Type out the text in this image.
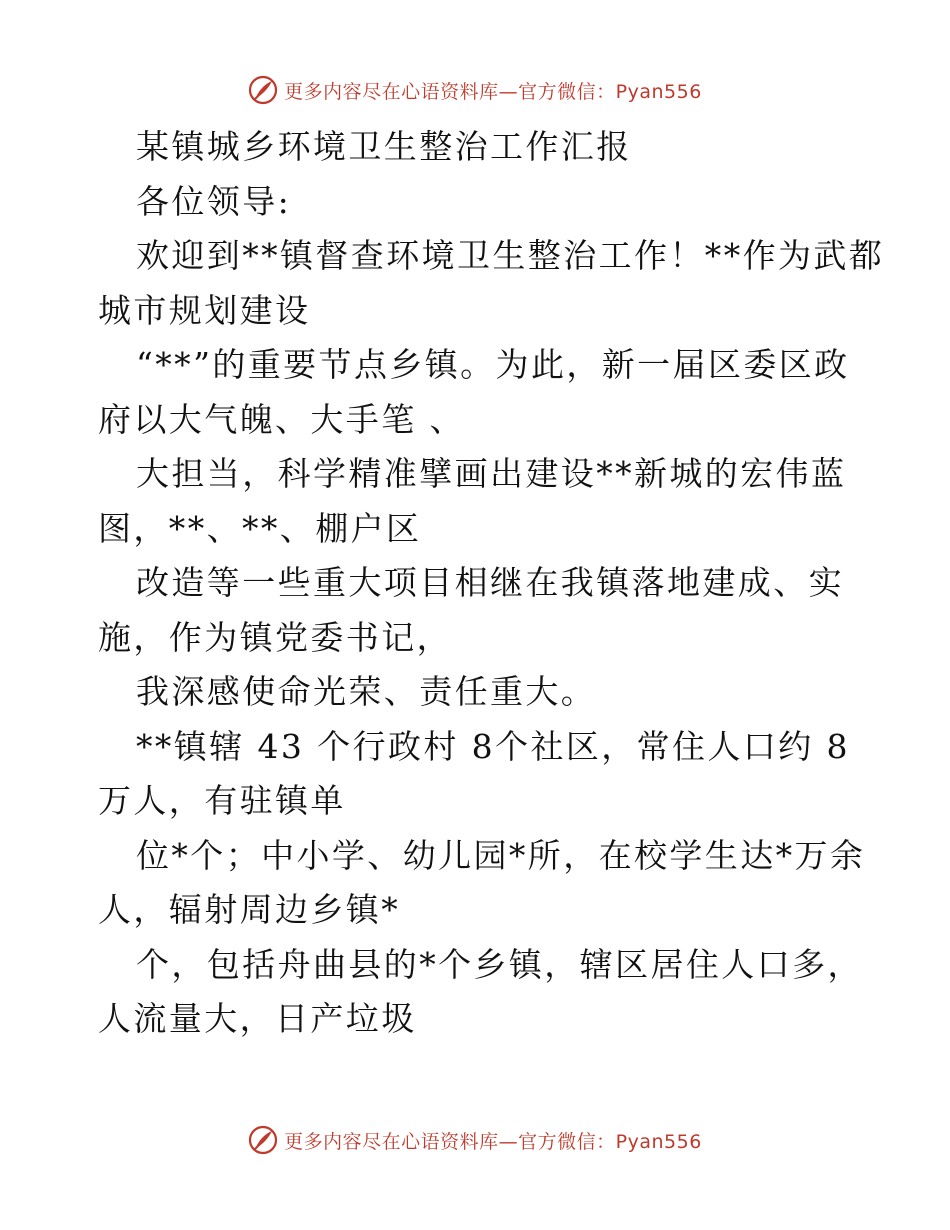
更多内容尽在心语资料库—官方微信：Pyan556
某镇城乡环境卫生整治工作汇报
各位领导:
欢迎到**镇督查环境卫生整治工作！**作为武都
城市规划建设
“**”的重要节点乡镇。为此，新一届区委区政
府以大气魄、大手笔 、
大担当，科学精准擘画出建设**新城的宏伟蓝
图，**、**、棚户区
改造等一些重大项目相继在我镇落地建成、实
施，作为镇党委书记，
我深感使命光荣、责任重大。
**镇辖 43 个行政村 8个社区，常住人口约 8
万人，有驻镇单
位*个；中小学、幼儿园*所，在校学生达*万余
人，辐射周边乡镇*
个，包括舟曲县的*个乡镇，辖区居住人口多，
人流量大，日产垃圾
更多内容尽在心语资料库—官方微信：Pyan556
